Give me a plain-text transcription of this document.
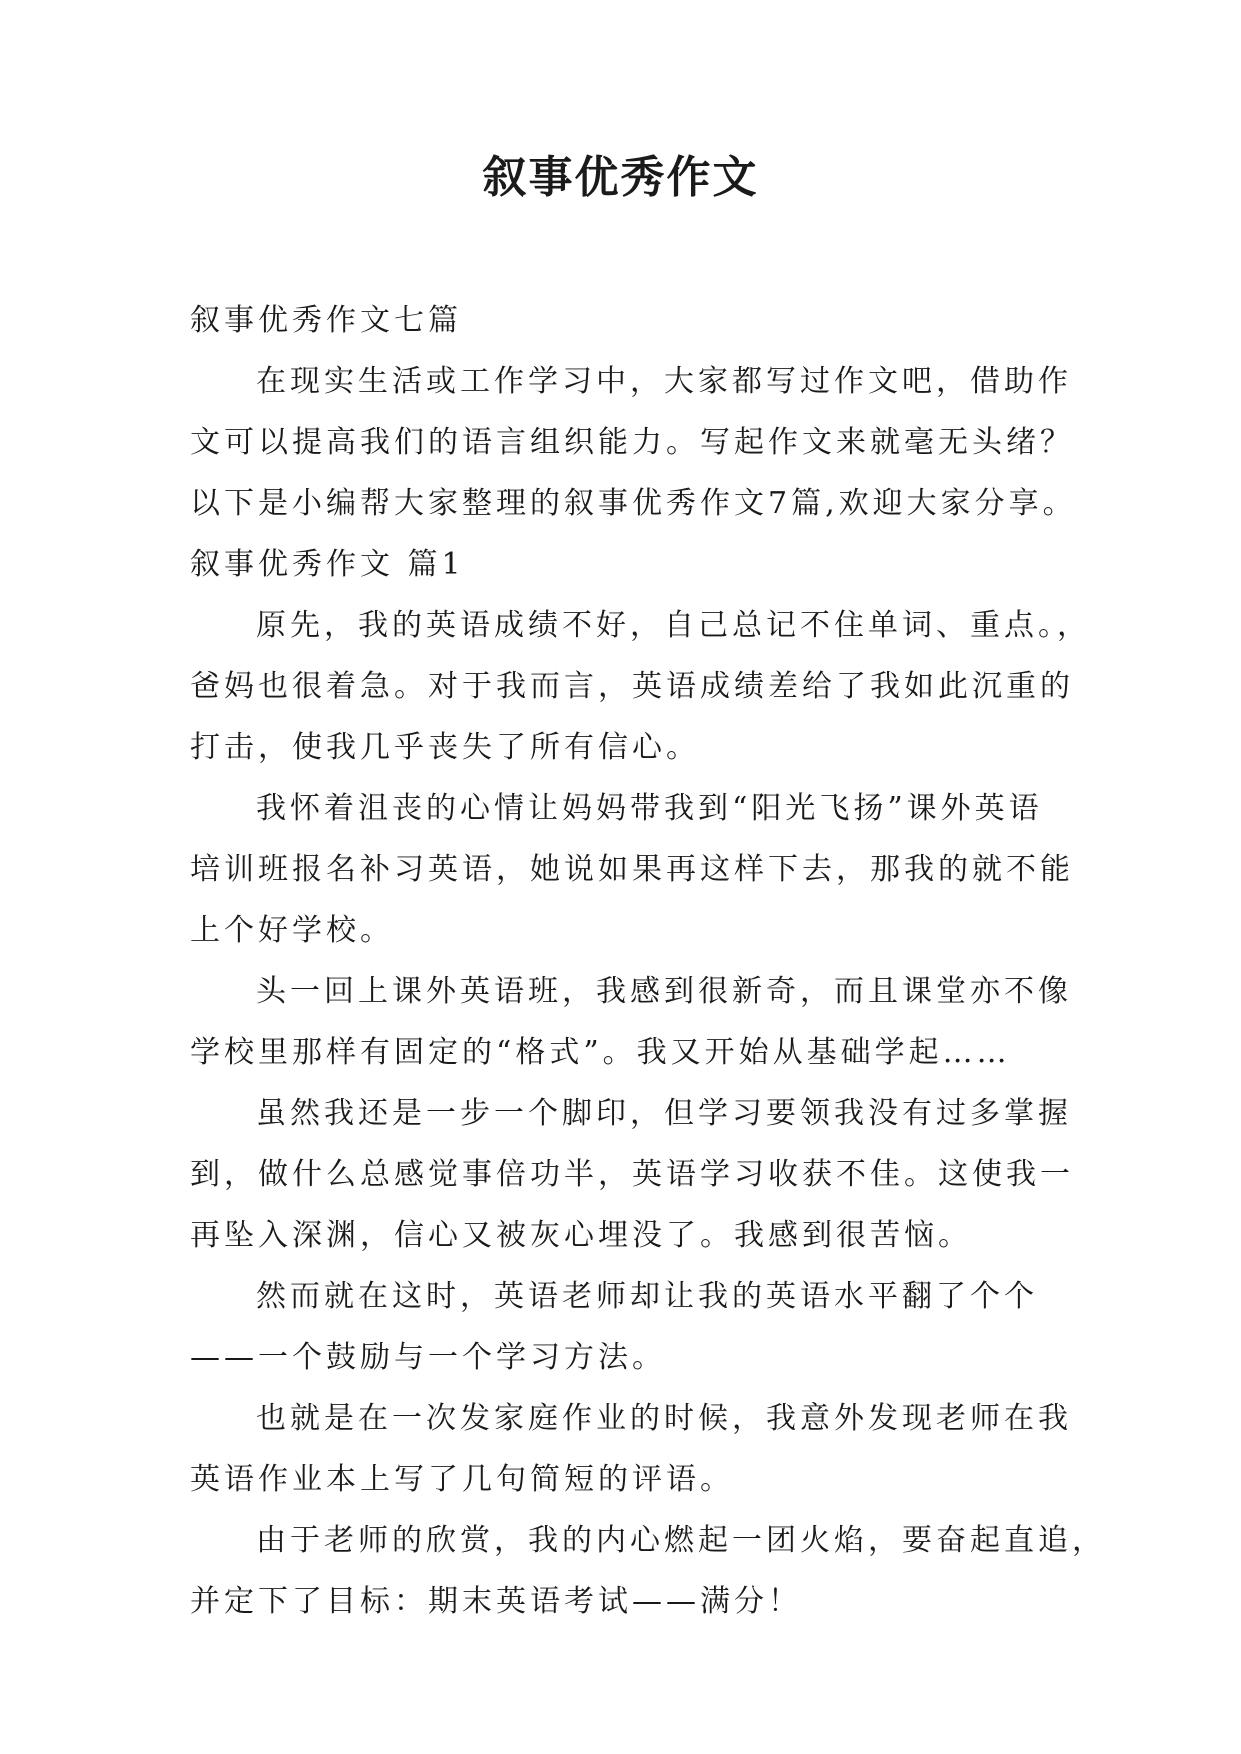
叙事优秀作文

叙事优秀作文七篇

在现实生活或工作学习中，大家都写过作文吧，借助作

文可以提高我们的语言组织能力。写起作文来就毫无头绪？

以下是小编帮大家整理的叙事优秀作文7篇,欢迎大家分享。

叙事优秀作文 篇1

原先，我的英语成绩不好，自己总记不住单词、重点。，

爸妈也很着急。对于我而言，英语成绩差给了我如此沉重的

打击，使我几乎丧失了所有信心。

我怀着沮丧的心情让妈妈带我到“阳光飞扬”课外英语

培训班报名补习英语，她说如果再这样下去，那我的就不能

上个好学校。

头一回上课外英语班，我感到很新奇，而且课堂亦不像

学校里那样有固定的“格式”。我又开始从基础学起……

虽然我还是一步一个脚印，但学习要领我没有过多掌握

到，做什么总感觉事倍功半，英语学习收获不佳。这使我一

再坠入深渊，信心又被灰心埋没了。我感到很苦恼。

然而就在这时，英语老师却让我的英语水平翻了个个

——一个鼓励与一个学习方法。

也就是在一次发家庭作业的时候，我意外发现老师在我

英语作业本上写了几句简短的评语。

由于老师的欣赏，我的内心燃起一团火焰，要奋起直追，

并定下了目标：期末英语考试——满分！
